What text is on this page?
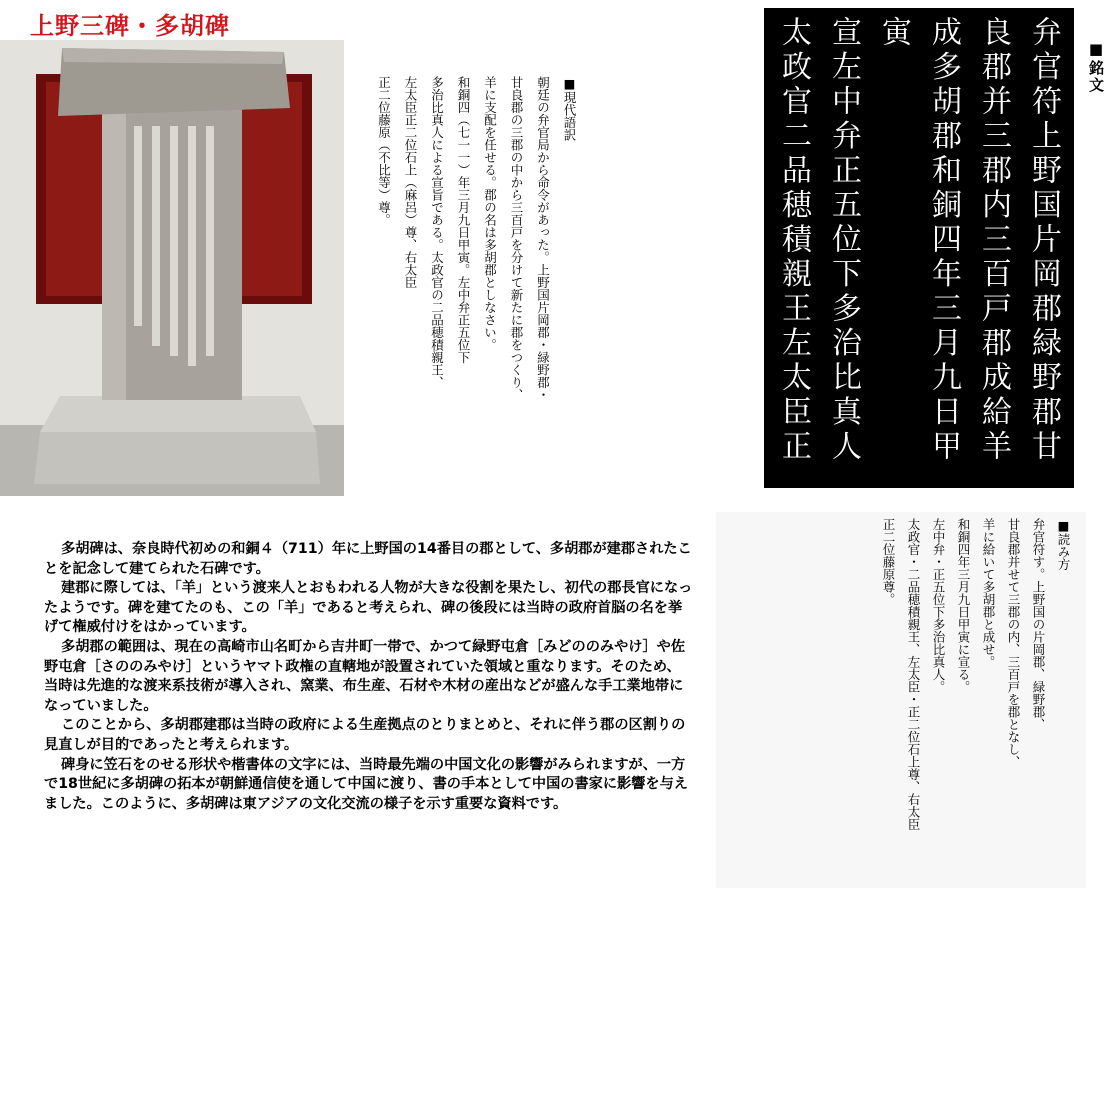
上野三碑・多胡碑
■現代語訳
朝廷の弁官局から命令があった。上野国片岡郡・緑野郡・
甘良郡の三郡の中から三百戸を分けて新たに郡をつくり、
羊に支配を任せる。郡の名は多胡郡としなさい。
和銅四（七一一）年三月九日甲寅。左中弁正五位下
多治比真人による宣旨である。太政官の二品穂積親王、
左太臣正二位石上（麻呂）尊、右太臣
正二位藤原（不比等）尊。	弁官符上野国片岡郡緑野郡甘
良郡并三郡内三百戸郡成給羊
成多胡郡和銅四年三月九日甲寅
宣左中弁正五位下多治比真人
太政官二品穂積親王左太臣正二
位石上尊右太臣正二位藤原尊	■銘文
■読み方
弁官符す。上野国の片岡郡、緑野郡、
甘良郡并せて三郡の内、三百戸を郡となし、
羊に給いて多胡郡と成せ。
和銅四年三月九日甲寅に宣る。
左中弁・正五位下多治比真人。
太政官・二品穂積親王、左太臣・正二位石上尊、右太臣
正二位藤原尊。

多胡碑は、奈良時代初めの和銅４（711）年に上野国の14番目の郡として、多胡郡が建郡されたことを記念して建てられた石碑です。

建郡に際しては、「羊」という渡来人とおもわれる人物が大きな役割を果たし、初代の郡長官になったようです。碑を建てたのも、この「羊」であると考えられ、碑の後段には当時の政府首脳の名を挙げて権威付けをはかっています。

多胡郡の範囲は、現在の高崎市山名町から吉井町一帯で、かつて緑野屯倉［みどののみやけ］や佐野屯倉［さののみやけ］というヤマト政権の直轄地が設置されていた領域と重なります。そのため、当時は先進的な渡来系技術が導入され、窯業、布生産、石材や木材の産出などが盛んな手工業地帯になっていました。

このことから、多胡郡建郡は当時の政府による生産拠点のとりまとめと、それに伴う郡の区割りの見直しが目的であったと考えられます。

碑身に笠石をのせる形状や楷書体の文字には、当時最先端の中国文化の影響がみられますが、一方で18世紀に多胡碑の拓本が朝鮮通信使を通して中国に渡り、書の手本として中国の書家に影響を与えました。このように、多胡碑は東アジアの文化交流の様子を示す重要な資料です。
